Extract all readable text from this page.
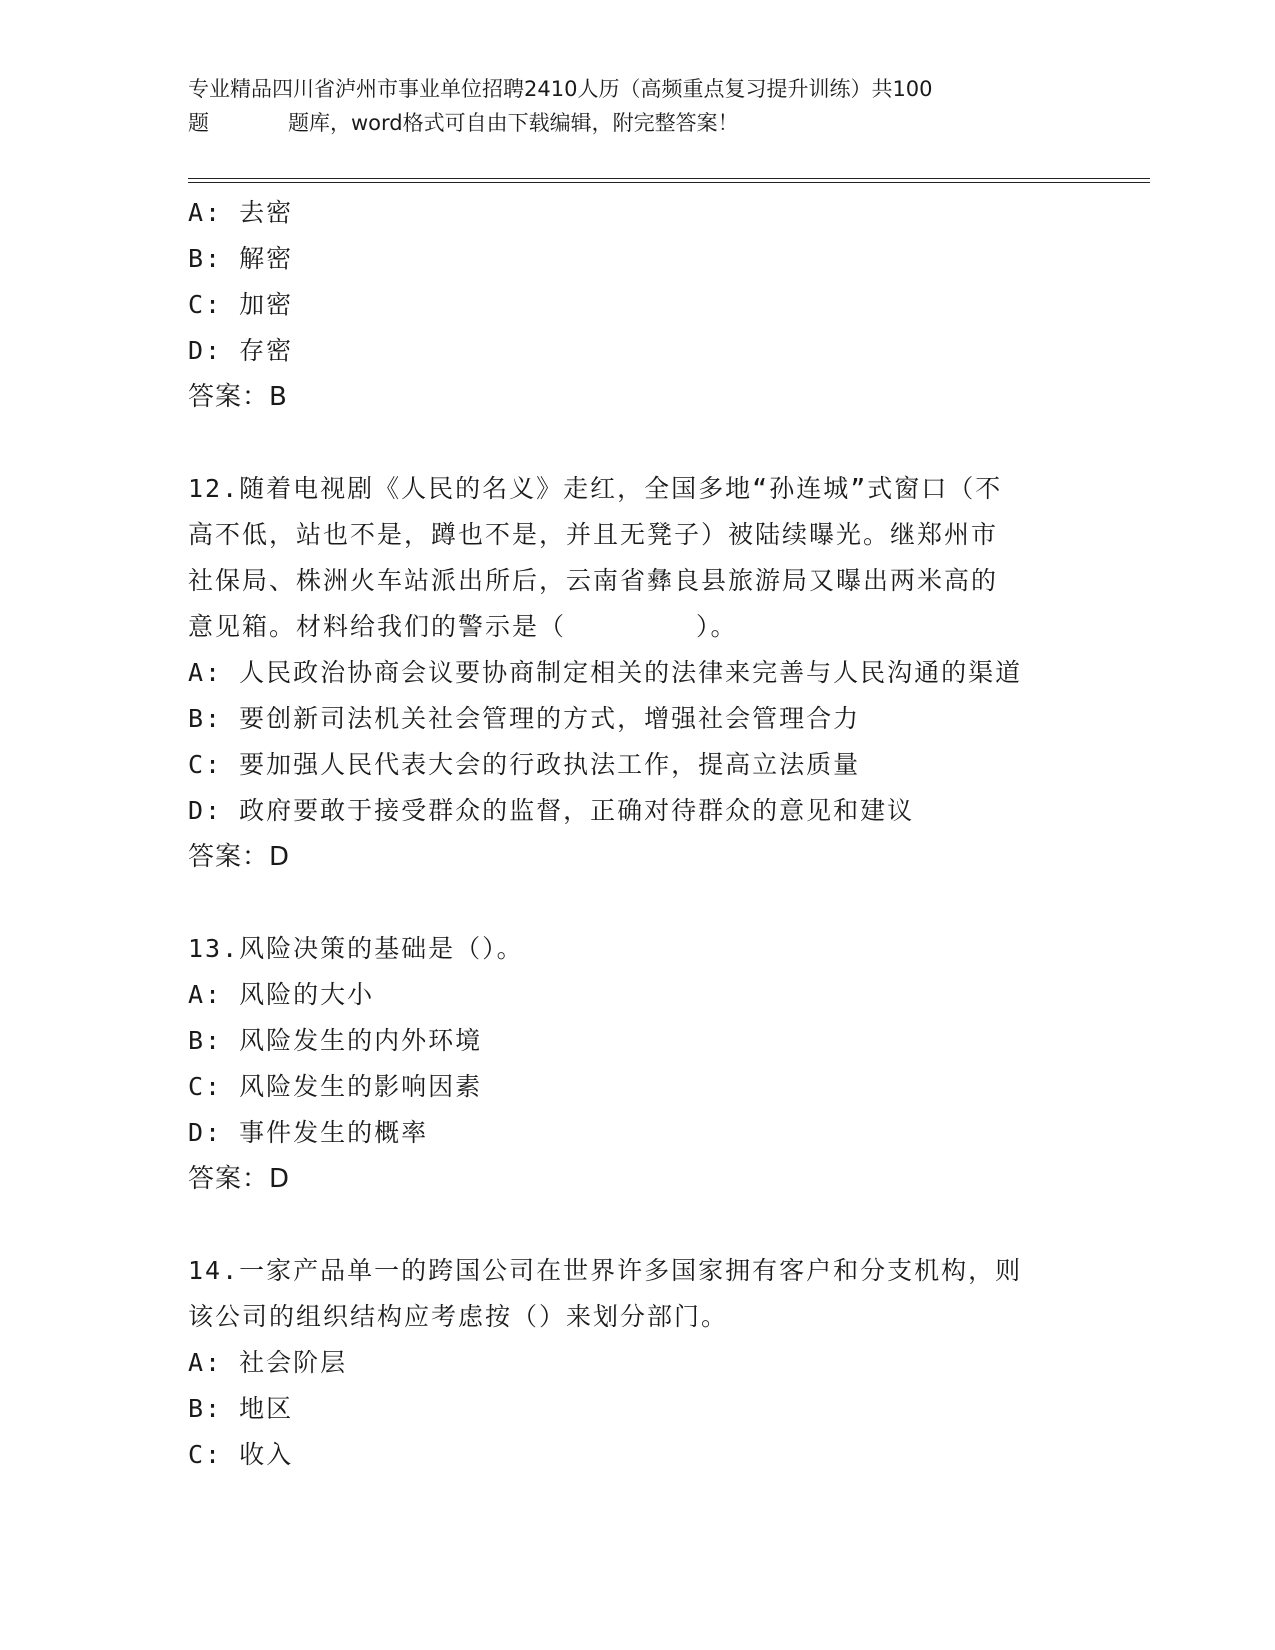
专业精品四川省泸州市事业单位招聘2410人历（高频重点复习提升训练）共100
题	题库，word格式可自由下载编辑，附完整答案！
A: 去密
B: 解密
C: 加密
D: 存密
答案：B
12.随着电视剧《人民的名义》走红，全国多地“孙连城”式窗口（不
高不低，站也不是，蹲也不是，并且无凳子）被陆续曝光。继郑州市
社保局、株洲火车站派出所后，云南省彝良县旅游局又曝出两米高的
意见箱。材料给我们的警示是（	）。
A: 人民政治协商会议要协商制定相关的法律来完善与人民沟通的渠道
B: 要创新司法机关社会管理的方式，增强社会管理合力
C: 要加强人民代表大会的行政执法工作，提高立法质量
D: 政府要敢于接受群众的监督，正确对待群众的意见和建议
答案：D
13.风险决策的基础是（）。
A: 风险的大小
B: 风险发生的内外环境
C: 风险发生的影响因素
D: 事件发生的概率
答案：D
14.一家产品单一的跨国公司在世界许多国家拥有客户和分支机构，则
该公司的组织结构应考虑按（）来划分部门。
A: 社会阶层
B: 地区
C: 收入
